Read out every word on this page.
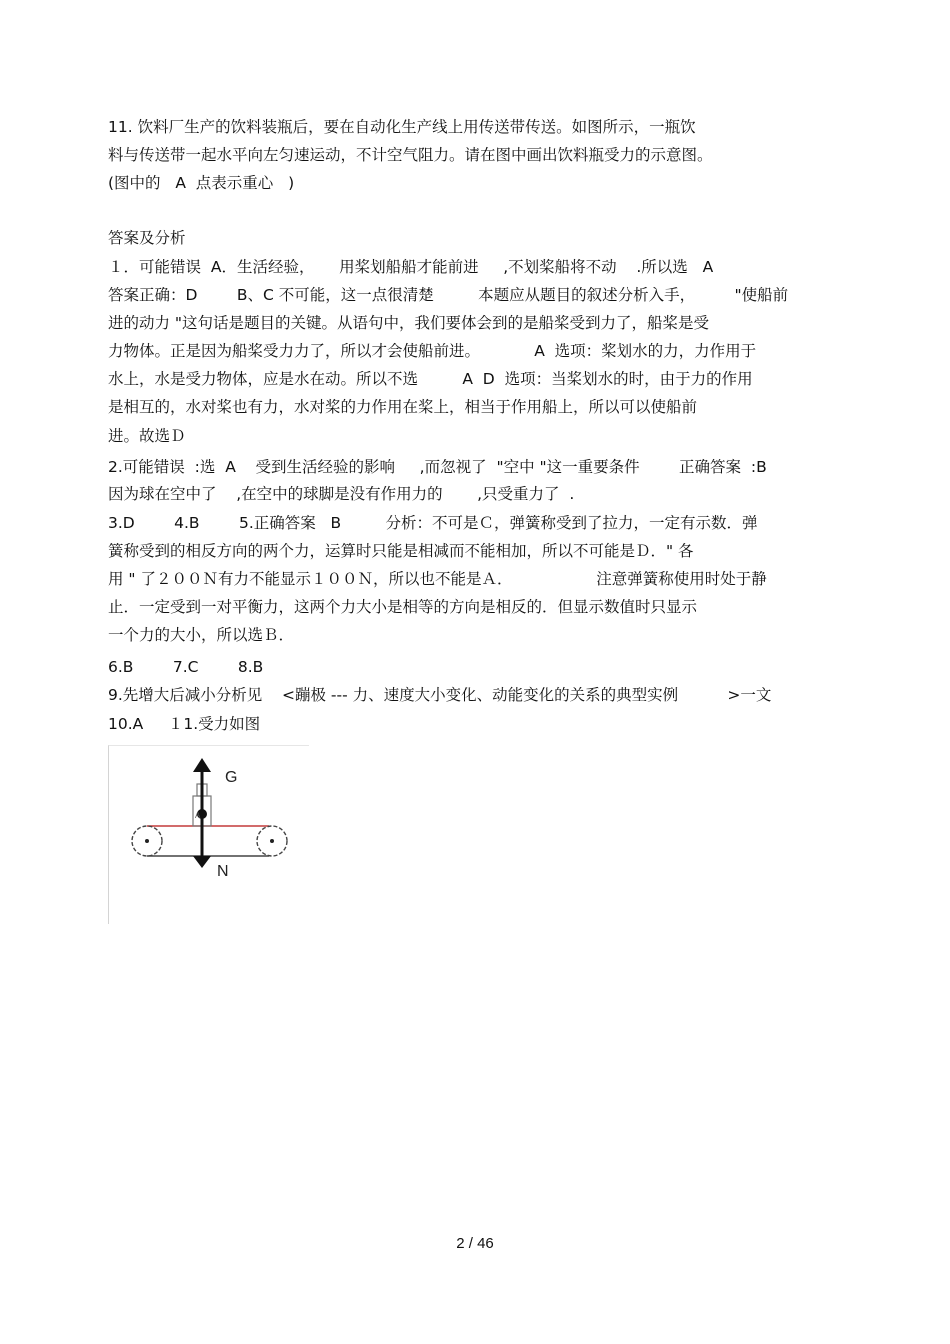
11. 饮料厂生产的饮料装瓶后，要在自动化生产线上用传送带传送。如图所示，一瓶饮
料与传送带一起水平向左匀速运动，不计空气阻力。请在图中画出饮料瓶受力的示意图。
(图中的   A  点表示重心   )
答案及分析
１．可能错误  A．生活经验，     用桨划船船才能前进     ,不划桨船将不动    .所以选   A
答案正确：D        B、C 不可能，这一点很清楚         本题应从题目的叙述分析入手，        "使船前
进的动力 "这句话是题目的关键。从语句中，我们要体会到的是船桨受到力了，船桨是受
力物体。正是因为船桨受力力了，所以才会使船前进。           A  选项：桨划水的力，力作用于
水上，水是受力物体，应是水在动。所以不选         A  D  选项：当桨划水的时，由于力的作用
是相互的，水对桨也有力，水对桨的力作用在桨上，相当于作用船上，所以可以使船前
进。故选Ｄ
2.可能错误  :选  A    受到生活经验的影响     ,而忽视了  "空中 "这一重要条件        正确答案  :B
因为球在空中了    ,在空中的球脚是没有作用力的       ,只受重力了  .
3.D        4.B        5.正确答案   B         分析：不可是Ｃ，弹簧称受到了拉力，一定有示数．弹
簧称受到的相反方向的两个力，运算时只能是相减而不能相加，所以不可能是Ｄ．" 各
用 " 了２００Ｎ有力不能显示１００Ｎ，所以也不能是Ａ．                 注意弹簧称使用时处于静
止．一定受到一对平衡力，这两个力大小是相等的方向是相反的．但显示数值时只显示
一个力的大小，所以选Ｂ．
6.B        7.C        8.B
9.先增大后减小分析见    <蹦极 --- 力、速度大小变化、动能变化的关系的典型实例          >一文
10.A     １1.受力如图
A
G
N
2 / 46
